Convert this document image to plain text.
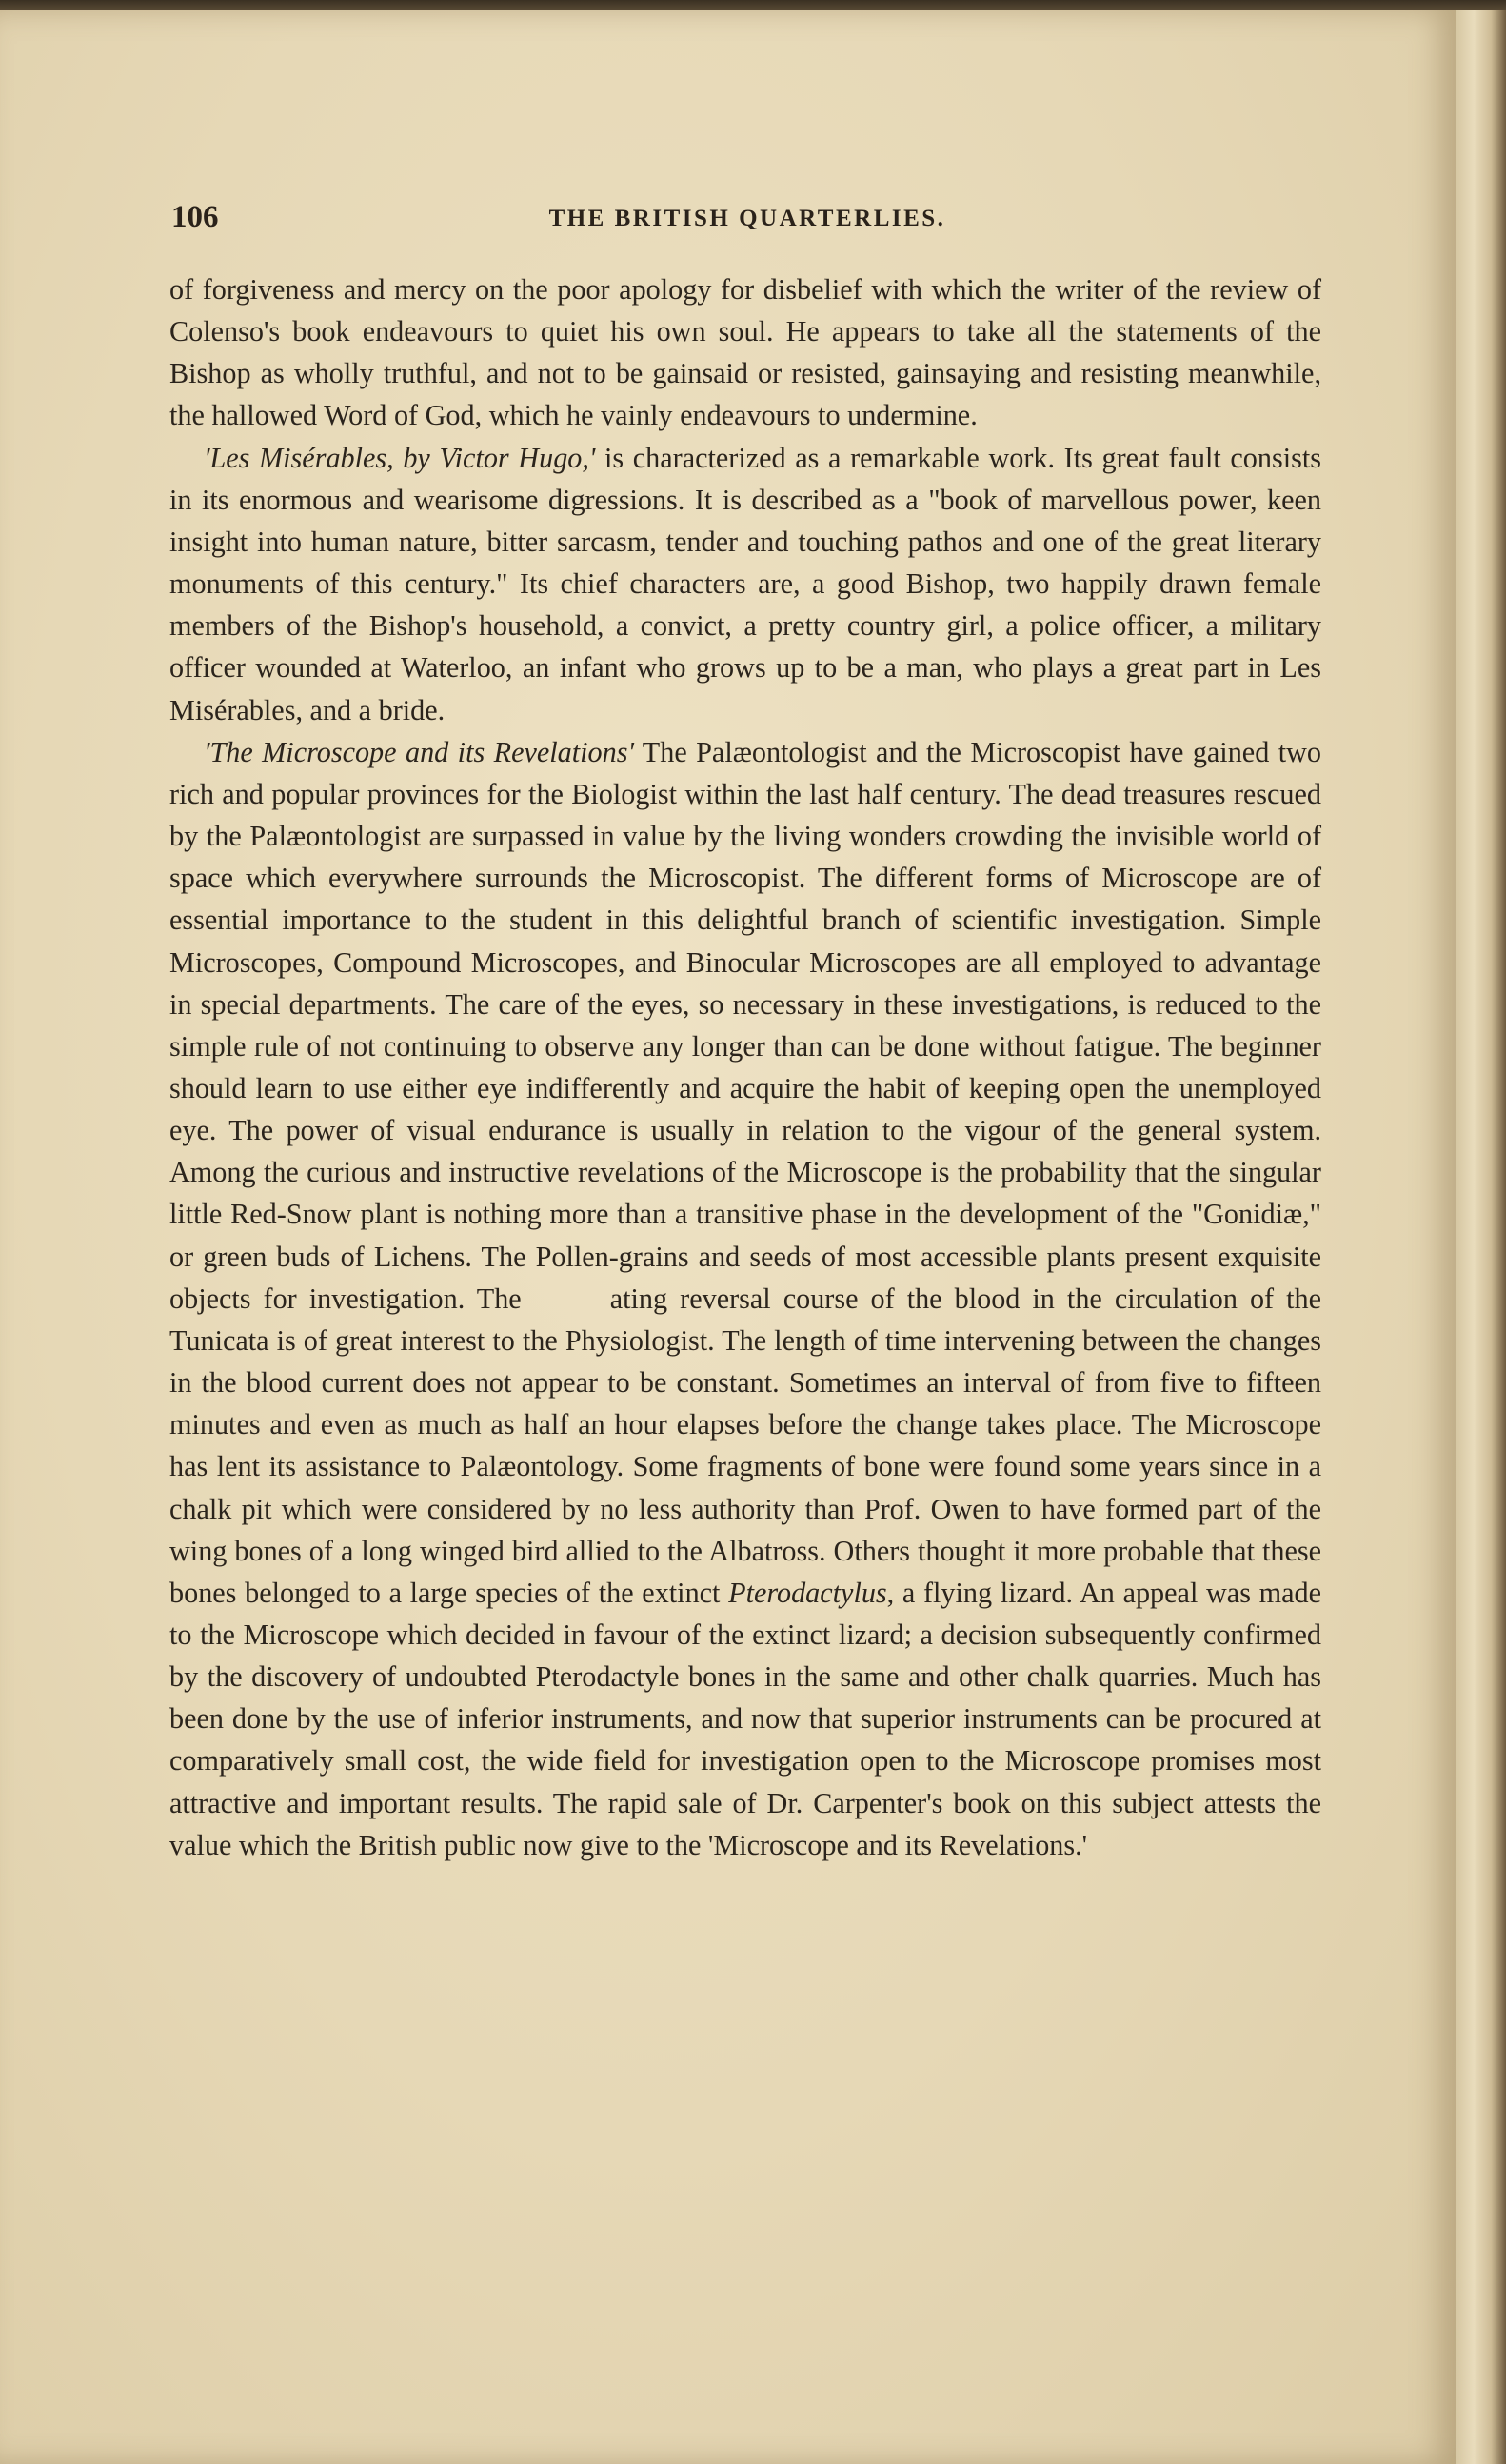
106	THE BRITISH QUARTERLIES.

of forgiveness and mercy on the poor apology for disbelief with which the writer of the review of Colenso's book endeavours to quiet his own soul. He appears to take all the statements of the Bishop as wholly truthful, and not to be gainsaid or resisted, gainsaying and resisting meanwhile, the hallowed Word of God, which he vainly endeavours to undermine.

'Les Misérables, by Victor Hugo,' is characterized as a remarkable work. Its great fault consists in its enormous and wearisome digressions. It is described as a "book of marvellous power, keen insight into human nature, bitter sarcasm, tender and touching pathos and one of the great literary monuments of this century." Its chief characters are, a good Bishop, two happily drawn female members of the Bishop's household, a convict, a pretty country girl, a police officer, a military officer wounded at Waterloo, an infant who grows up to be a man, who plays a great part in Les Misérables, and a bride.

'The Microscope and its Revelations' The Palæontologist and the Microscopist have gained two rich and popular provinces for the Biologist within the last half century. The dead treasures rescued by the Palæontologist are surpassed in value by the living wonders crowding the invisible world of space which everywhere surrounds the Microscopist. The different forms of Microscope are of essential importance to the student in this delightful branch of scientific investigation. Simple Microscopes, Compound Microscopes, and Binocular Microscopes are all employed to advantage in special departments. The care of the eyes, so necessary in these investigations, is reduced to the simple rule of not continuing to observe any longer than can be done without fatigue. The beginner should learn to use either eye indifferently and acquire the habit of keeping open the unemployed eye. The power of visual endurance is usually in relation to the vigour of the general system. Among the curious and instructive revelations of the Microscope is the probability that the singular little Red-Snow plant is nothing more than a transitive phase in the development of the "Gonidiæ," or green buds of Lichens. The Pollen-grains and seeds of most accessible plants present exquisite objects for investigation. The	ating reversal course of the blood in the circulation of the Tunicata is of great interest to the Physiologist. The length of time intervening between the changes in the blood current does not appear to be constant. Sometimes an interval of from five to fifteen minutes and even as much as half an hour elapses before the change takes place. The Microscope has lent its assistance to Palæontology. Some fragments of bone were found some years since in a chalk pit which were considered by no less authority than Prof. Owen to have formed part of the wing bones of a long winged bird allied to the Albatross. Others thought it more probable that these bones belonged to a large species of the extinct Pterodactylus, a flying lizard. An appeal was made to the Microscope which decided in favour of the extinct lizard; a decision subsequently confirmed by the discovery of undoubted Pterodactyle bones in the same and other chalk quarries. Much has been done by the use of inferior instruments, and now that superior instruments can be procured at comparatively small cost, the wide field for investigation open to the Microscope promises most attractive and important results. The rapid sale of Dr. Carpenter's book on this subject attests the value which the British public now give to the 'Microscope and its Revelations.'
